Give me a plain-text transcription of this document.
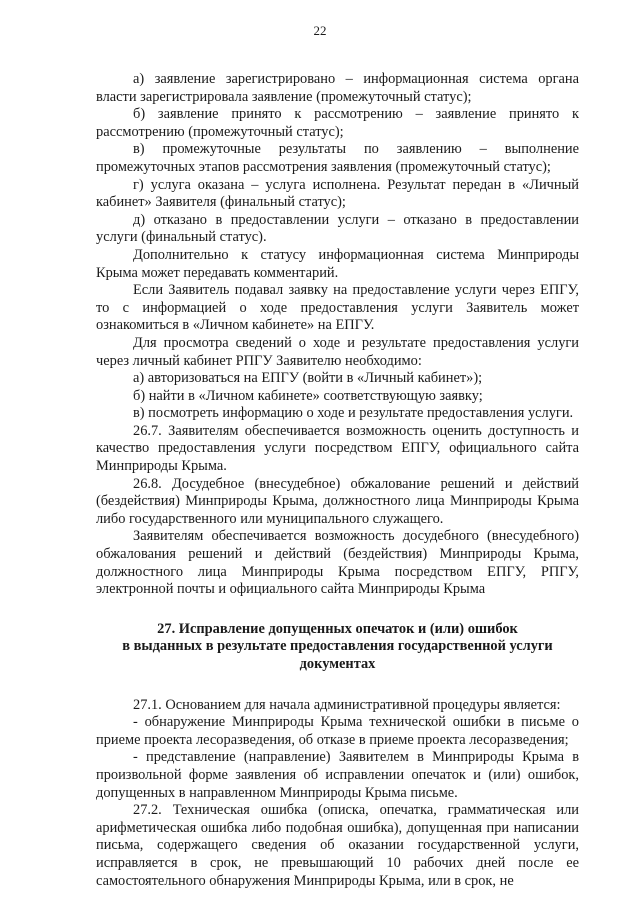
22

а) заявление зарегистрировано – информационная система органа власти зарегистрировала заявление (промежуточный статус);

б) заявление принято к рассмотрению – заявление принято к рассмотрению (промежуточный статус);

в) промежуточные результаты по заявлению – выполнение промежуточных этапов рассмотрения заявления (промежуточный статус);

г) услуга оказана – услуга исполнена. Результат передан в «Личный кабинет» Заявителя (финальный статус);

д) отказано в предоставлении услуги – отказано в предоставлении услуги (финальный статус).

Дополнительно к статусу информационная система Минприроды Крыма может передавать комментарий.

Если Заявитель подавал заявку на предоставление услуги через ЕПГУ, то с информацией о ходе предоставления услуги Заявитель может ознакомиться в «Личном кабинете» на ЕПГУ.

Для просмотра сведений о ходе и результате предоставления услуги через личный кабинет РПГУ Заявителю необходимо:

а) авторизоваться на ЕПГУ (войти в «Личный кабинет»);

б) найти в «Личном кабинете» соответствующую заявку;

в) посмотреть информацию о ходе и результате предоставления услуги.

26.7. Заявителям обеспечивается возможность оценить доступность и качество предоставления услуги посредством ЕПГУ, официального сайта Минприроды Крыма.

26.8. Досудебное (внесудебное) обжалование решений и действий (бездействия) Минприроды Крыма, должностного лица Минприроды Крыма либо государственного или муниципального служащего.

Заявителям обеспечивается возможность досудебного (внесудебного) обжалования решений и действий (бездействия) Минприроды Крыма, должностного лица Минприроды Крыма посредством ЕПГУ, РПГУ, электронной почты и официального сайта Минприроды Крыма

27. Исправление допущенных опечаток и (или) ошибок
в выданных в результате предоставления государственной услуги
документах

27.1. Основанием для начала административной процедуры является:

- обнаружение Минприроды Крыма технической ошибки в письме о приеме проекта лесоразведения, об отказе в приеме проекта лесоразведения;

- представление (направление) Заявителем в Минприроды Крыма в произвольной форме заявления об исправлении опечаток и (или) ошибок, допущенных в направленном Минприроды Крыма письме.

27.2. Техническая ошибка (описка, опечатка, грамматическая или арифметическая ошибка либо подобная ошибка), допущенная при написании письма, содержащего сведения об оказании государственной услуги, исправляется в срок, не превышающий 10 рабочих дней после ее самостоятельного обнаружения Минприроды Крыма, или в срок, не
